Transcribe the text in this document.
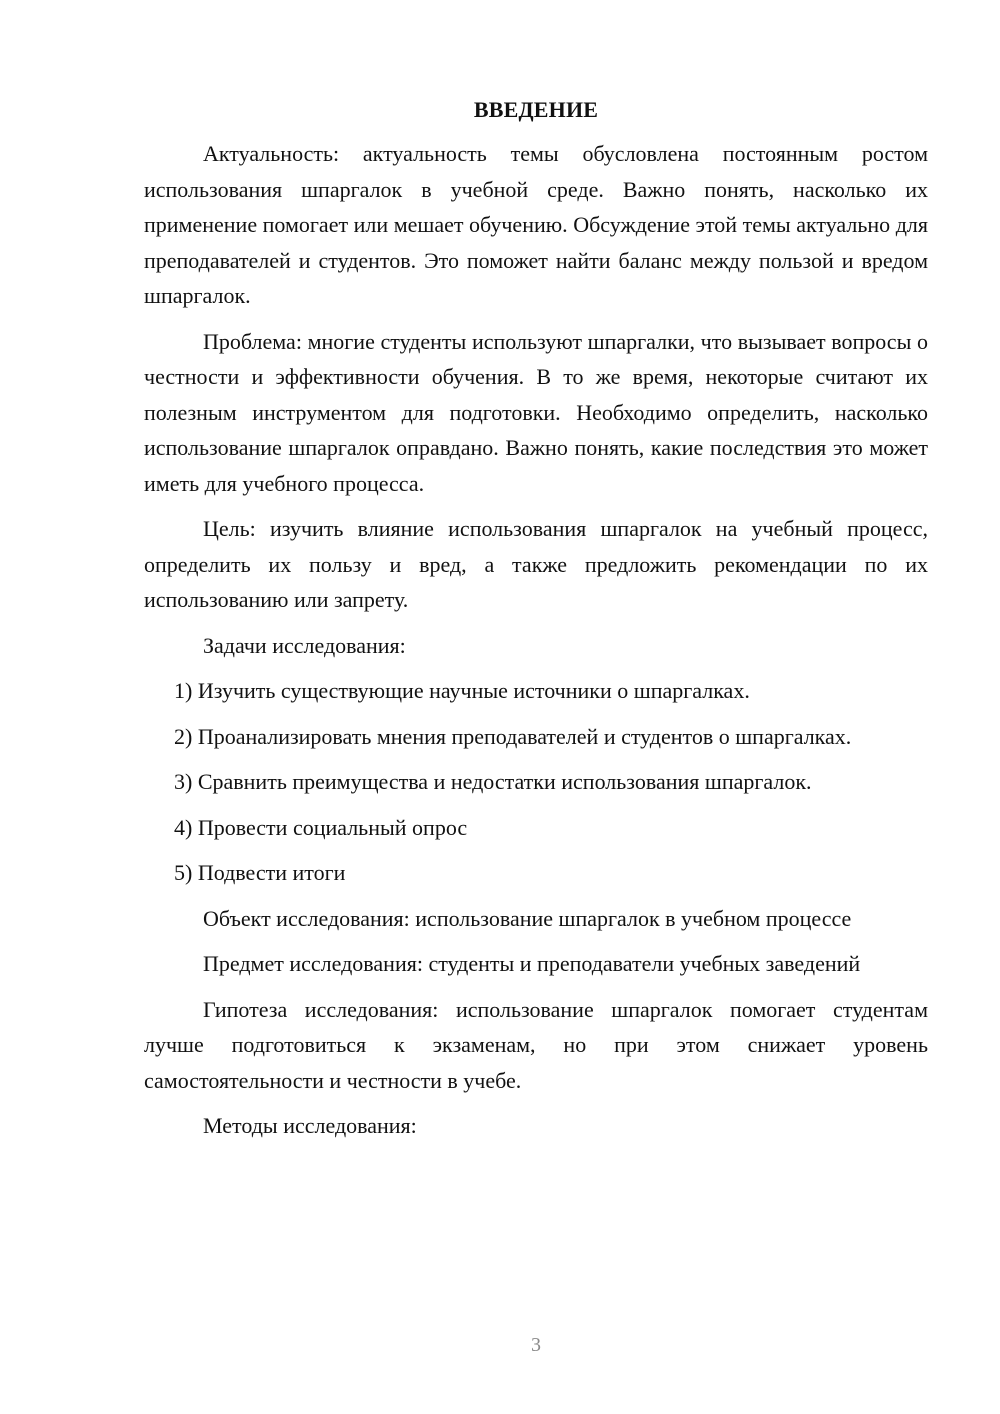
ВВЕДЕНИЕ

Актуальность: актуальность темы обусловлена постоянным ростом использования шпаргалок в учебной среде. Важно понять, насколько их применение помогает или мешает обучению. Обсуждение этой темы актуально для преподавателей и студентов. Это поможет найти баланс между пользой и вредом шпаргалок.

Проблема: многие студенты используют шпаргалки, что вызывает вопросы о честности и эффективности обучения. В то же время, некоторые считают их полезным инструментом для подготовки. Необходимо определить, насколько использование шпаргалок оправдано. Важно понять, какие последствия это может иметь для учебного процесса.

Цель: изучить влияние использования шпаргалок на учебный процесс, определить их пользу и вред, а также предложить рекомендации по их использованию или запрету.

Задачи исследования:

1) Изучить существующие научные источники о шпаргалках.

2) Проанализировать мнения преподавателей и студентов о шпаргалках.

3) Сравнить преимущества и недостатки использования шпаргалок.

4) Провести социальный опрос

5) Подвести итоги

Объект исследования: использование шпаргалок в учебном процессе

Предмет исследования: студенты и преподаватели учебных заведений

Гипотеза исследования: использование шпаргалок помогает студентам лучше подготовиться к экзаменам, но при этом снижает уровень самостоятельности и честности в учебе.

Методы исследования:

3
